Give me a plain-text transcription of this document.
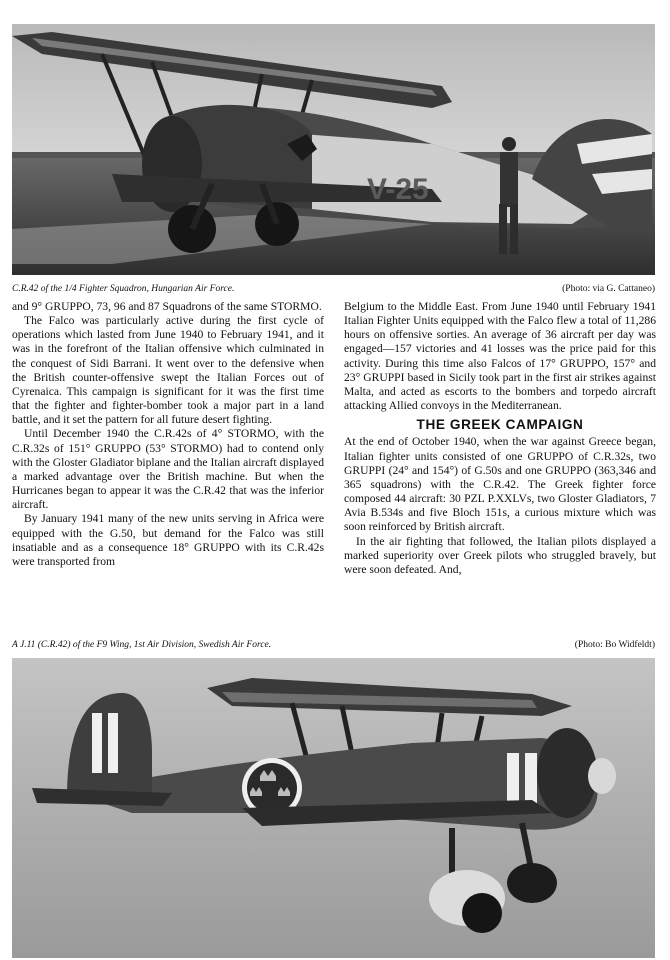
V-25
C.R.42 of the 1/4 Fighter Squadron, Hungarian Air Force.	(Photo: via G. Cattaneo)

and 9° GRUPPO, 73, 96 and 87 Squadrons of the same STORMO.

The Falco was particularly active during the first cycle of operations which lasted from June 1940 to February 1941, and it was in the forefront of the Italian offensive which culminated in the conquest of Sidi Barrani. It went over to the defensive when the British counter-offensive swept the Italian Forces out of Cyrenaica. This campaign is significant for it was the first time that the fighter and fighter-bomber took a major part in a land battle, and it set the pattern for all future desert fighting.

Until December 1940 the C.R.42s of 4° STORMO, with the C.R.32s of 151° GRUPPO (53° STORMO) had to contend only with the Gloster Gladiator biplane and the Italian aircraft displayed a marked advantage over the British machine. But when the Hurricanes began to appear it was the C.R.42 that was the inferior aircraft.

By January 1941 many of the new units serving in Africa were equipped with the G.50, but demand for the Falco was still insatiable and as a consequence 18° GRUPPO with its C.R.42s were transported from

Belgium to the Middle East. From June 1940 until February 1941 Italian Fighter Units equipped with the Falco flew a total of 11,286 hours on offensive sorties. An average of 36 aircraft per day was engaged—157 victories and 41 losses was the price paid for this activity. During this time also Falcos of 17° GRUPPO, 157° and 23° GRUPPI based in Sicily took part in the first air strikes against Malta, and acted as escorts to the bombers and torpedo aircraft attacking Allied convoys in the Mediterranean.

THE GREEK CAMPAIGN

At the end of October 1940, when the war against Greece began, Italian fighter units consisted of one GRUPPO of C.R.32s, two GRUPPI (24° and 154°) of G.50s and one GRUPPO (363,346 and 365 squadrons) with the C.R.42. The Greek fighter force composed 44 aircraft: 30 PZL P.XXLVs, two Gloster Gladiators, 7 Avia B.534s and five Bloch 151s, a curious mixture which was soon reinforced by British aircraft.

In the air fighting that followed, the Italian pilots displayed a marked superiority over Greek pilots who struggled bravely, but were soon defeated. And,

A J.11 (C.R.42) of the F9 Wing, 1st Air Division, Swedish Air Force.	(Photo: Bo Widfeldt)
